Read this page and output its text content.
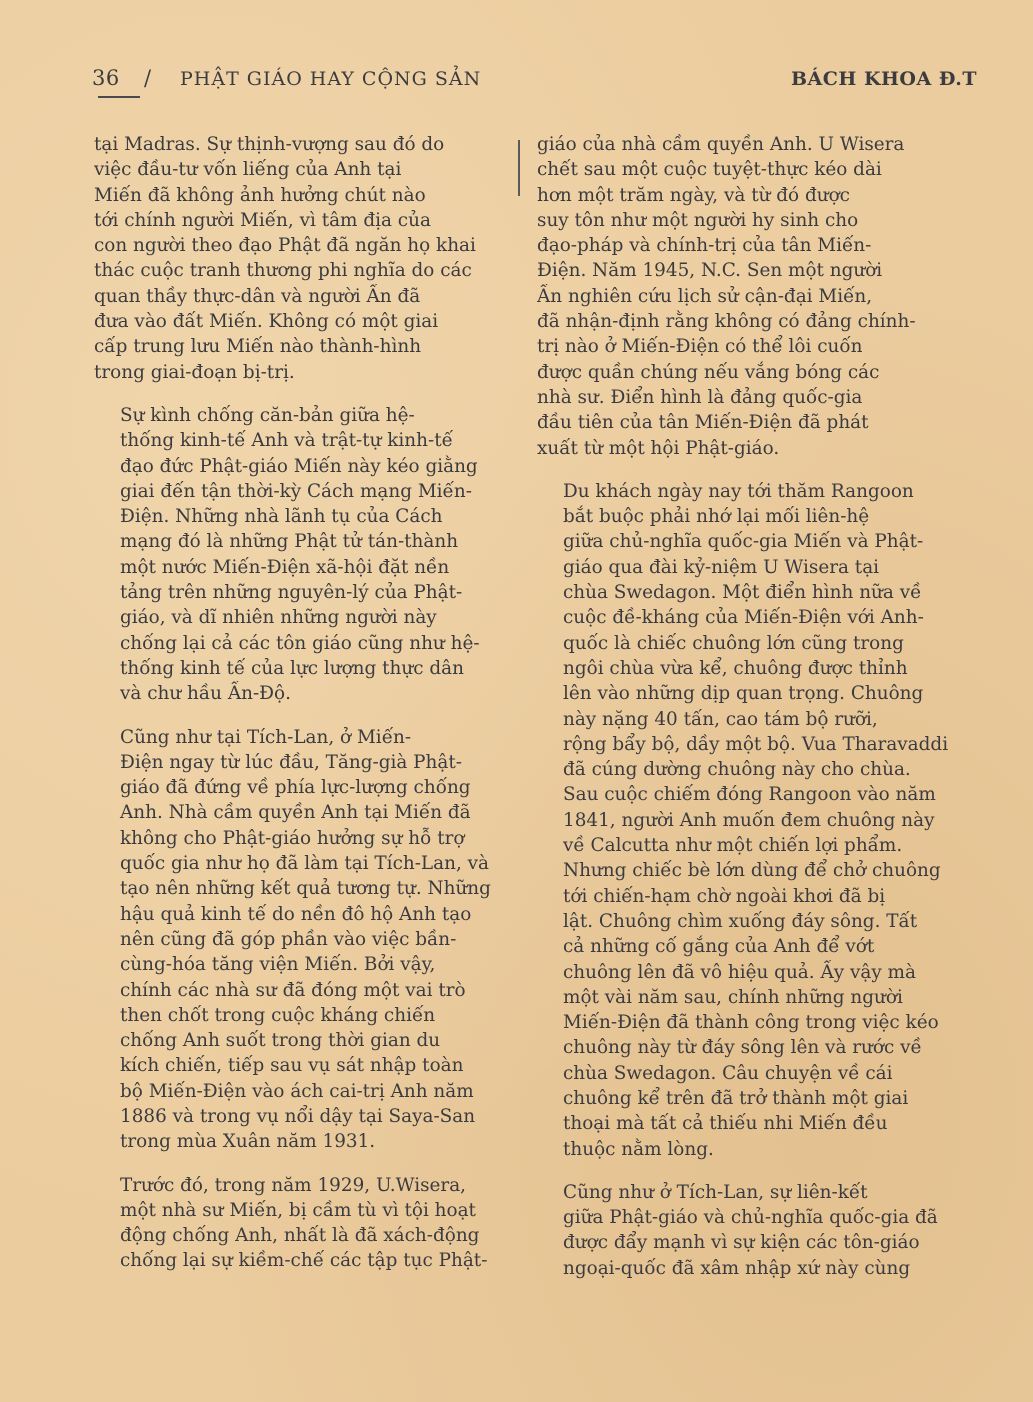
36 / PHẬT GIÁO HAY CỘNG SẢN	BÁCH KHOA Đ.T

tại Madras. Sự thịnh-vượng sau đó do
việc đầu-tư vốn liếng của Anh tại
Miến đã không ảnh hưởng chút nào
tới chính người Miến, vì tâm địa của
con người theo đạo Phật đã ngăn họ khai
thác cuộc tranh thương phi nghĩa do các
quan thầy thực-dân và người Ấn đã
đưa vào đất Miến. Không có một giai
cấp trung lưu Miến nào thành-hình
trong giai-đoạn bị-trị.

Sự kình chống căn-bản giữa hệ-
thống kinh-tế Anh và trật-tự kinh-tế
đạo đức Phật-giáo Miến này kéo giằng
giai đến tận thời-kỳ Cách mạng Miến-
Điện. Những nhà lãnh tụ của Cách
mạng đó là những Phật tử tán-thành
một nước Miến-Điện xã-hội đặt nền
tảng trên những nguyên-lý của Phật-
giáo, và dĩ nhiên những người này
chống lại cả các tôn giáo cũng như hệ-
thống kinh tế của lực lượng thực dân
và chư hầu Ấn-Độ.

Cũng như tại Tích-Lan, ở Miến-
Điện ngay từ lúc đầu, Tăng-già Phật-
giáo đã đứng về phía lực-lượng chống
Anh. Nhà cầm quyền Anh tại Miến đã
không cho Phật-giáo hưởng sự hỗ trợ
quốc gia như họ đã làm tại Tích-Lan, và
tạo nên những kết quả tương tự. Những
hậu quả kinh tế do nền đô hộ Anh tạo
nên cũng đã góp phần vào việc bần-
cùng-hóa tăng viện Miến. Bởi vậy,
chính các nhà sư đã đóng một vai trò
then chốt trong cuộc kháng chiến
chống Anh suốt trong thời gian du
kích chiến, tiếp sau vụ sát nhập toàn
bộ Miến-Điện vào ách cai-trị Anh năm
1886 và trong vụ nổi dậy tại Saya-San
trong mùa Xuân năm 1931.

Trước đó, trong năm 1929, U.Wisera,
một nhà sư Miến, bị cầm tù vì tội hoạt
động chống Anh, nhất là đã xách-động
chống lại sự kiềm-chế các tập tục Phật-

giáo của nhà cầm quyền Anh. U Wisera
chết sau một cuộc tuyệt-thực kéo dài
hơn một trăm ngày, và từ đó được
suy tôn như một người hy sinh cho
đạo-pháp và chính-trị của tân Miến-
Điện. Năm 1945, N.C. Sen một người
Ấn nghiên cứu lịch sử cận-đại Miến,
đã nhận-định rằng không có đảng chính-
trị nào ở Miến-Điện có thể lôi cuốn
được quần chúng nếu vắng bóng các
nhà sư. Điển hình là đảng quốc-gia
đầu tiên của tân Miến-Điện đã phát
xuất từ một hội Phật-giáo.

Du khách ngày nay tới thăm Rangoon
bắt buộc phải nhớ lại mối liên-hệ
giữa chủ-nghĩa quốc-gia Miến và Phật-
giáo qua đài kỷ-niệm U Wisera tại
chùa Swedagon. Một điển hình nữa về
cuộc đề-kháng của Miến-Điện với Anh-
quốc là chiếc chuông lớn cũng trong
ngôi chùa vừa kể, chuông được thỉnh
lên vào những dịp quan trọng. Chuông
này nặng 40 tấn, cao tám bộ rưỡi,
rộng bẩy bộ, dầy một bộ. Vua Tharavaddi
đã cúng dường chuông này cho chùa.
Sau cuộc chiếm đóng Rangoon vào năm
1841, người Anh muốn đem chuông này
về Calcutta như một chiến lợi phẩm.
Nhưng chiếc bè lớn dùng để chở chuông
tới chiến-hạm chờ ngoài khơi đã bị
lật. Chuông chìm xuống đáy sông. Tất
cả những cố gắng của Anh để vớt
chuông lên đã vô hiệu quả. Ấy vậy mà
một vài năm sau, chính những người
Miến-Điện đã thành công trong việc kéo
chuông này từ đáy sông lên và rước về
chùa Swedagon. Câu chuyện về cái
chuông kể trên đã trở thành một giai
thoại mà tất cả thiếu nhi Miến đều
thuộc nằm lòng.

Cũng như ở Tích-Lan, sự liên-kết
giữa Phật-giáo và chủ-nghĩa quốc-gia đã
được đẩy mạnh vì sự kiện các tôn-giáo
ngoại-quốc đã xâm nhập xứ này cùng
